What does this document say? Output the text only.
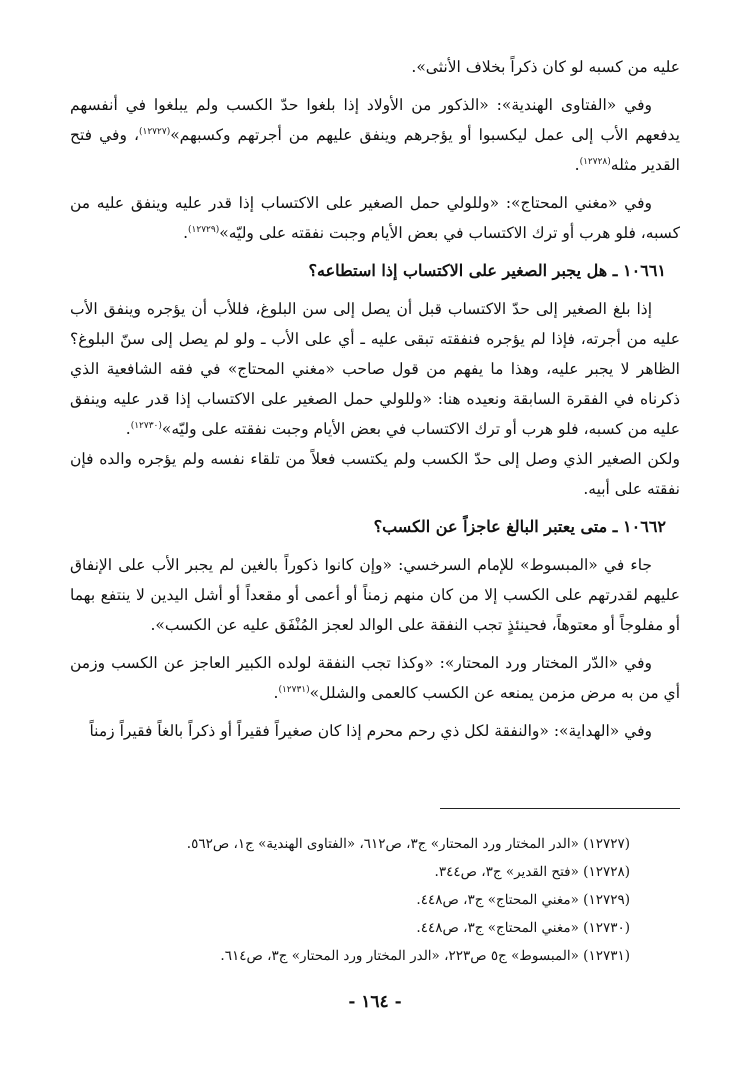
عليه من كسبه لو كان ذكراً بخلاف الأنثى».

وفي «الفتاوى الهندية»: «الذكور من الأولاد إذا بلغوا حدّ الكسب ولم يبلغوا في أنفسهم يدفعهم الأب إلى عمل ليكسبوا أو يؤجرهم وينفق عليهم من أجرتهم وكسبهم»$^{(١٢٧٢٧)}$، وفي فتح القدير مثله$^{(١٢٧٢٨)}$.

وفي «مغني المحتاج»: «وللولي حمل الصغير على الاكتساب إذا قدر عليه وينفق عليه من كسبه، فلو هرب أو ترك الاكتساب في بعض الأيام وجبت نفقته على وليّه»$^{(١٢٧٢٩)}$.

١٠٦٦١ ـ هل يجبر الصغير على الاكتساب إذا استطاعه؟

إذا بلغ الصغير إلى حدّ الاكتساب قبل أن يصل إلى سن البلوغ، فللأب أن يؤجره وينفق الأب عليه من أجرته، فإذا لم يؤجره فنفقته تبقى عليه ـ أي على الأب ـ ولو لم يصل إلى سنّ البلوغ؟ الظاهر لا يجبر عليه، وهذا ما يفهم من قول صاحب «مغني المحتاج» في فقه الشافعية الذي ذكرناه في الفقرة السابقة ونعيده هنا: «وللولي حمل الصغير على الاكتساب إذا قدر عليه وينفق عليه من كسبه، فلو هرب أو ترك الاكتساب في بعض الأيام وجبت نفقته على وليّه»$^{(١٢٧٣٠)}$.
ولكن الصغير الذي وصل إلى حدّ الكسب ولم يكتسب فعلاً من تلقاء نفسه ولم يؤجره والده فإن نفقته على أبيه.

١٠٦٦٢ ـ متى يعتبر البالغ عاجزاً عن الكسب؟

جاء في «المبسوط» للإمام السرخسي: «وإن كانوا ذكوراً بالغين لم يجبر الأب على الإنفاق عليهم لقدرتهم على الكسب إلا من كان منهم زمناً أو أعمى أو مقعداً أو أشل اليدين لا ينتفع بهما أو مفلوجاً أو معتوهاً، فحينئذٍ تجب النفقة على الوالد لعجز المُنْفَق عليه عن الكسب».

وفي «الدّر المختار ورد المحتار»: «وكذا تجب النفقة لولده الكبير العاجز عن الكسب وزمن أي من به مرض مزمن يمنعه عن الكسب كالعمى والشلل»$^{(١٢٧٣١)}$.

وفي «الهداية»: «والنفقة لكل ذي رحم محرم إذا كان صغيراً فقيراً أو ذكراً بالغاً فقيراً زمناً

(١٢٧٢٧) «الدر المختار ورد المحتار» ج٣، ص٦١٢، «الفتاوى الهندية» ج١، ص٥٦٢.

(١٢٧٢٨) «فتح القدير» ج٣، ص٣٤٤.

(١٢٧٢٩) «مغني المحتاج» ج٣، ص٤٤٨.

(١٢٧٣٠) «مغني المحتاج» ج٣، ص٤٤٨.

(١٢٧٣١) «المبسوط» ج٥ ص٢٢٣، «الدر المختار ورد المحتار» ج٣، ص٦١٤.

- ١٦٤ -
